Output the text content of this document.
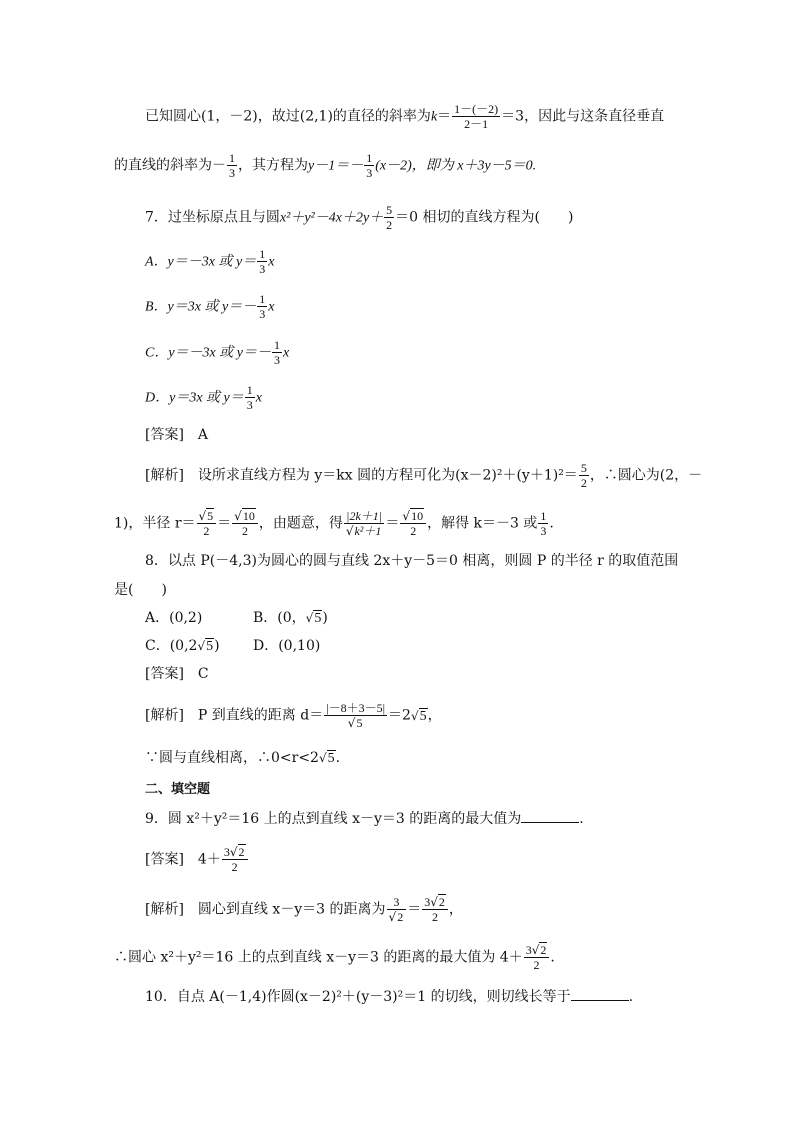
已知圆心(1，－2)，故过(2,1)的直径的斜率为$k= \frac{1-(-2)}{2-1} =3$，因此与这条直径垂直
的直线的斜率为－ $\frac{1}{3}$ ，其方程为$y-1=- \frac{1}{3} (x-2)$，即为 x＋3y－5＝0.
7．过坐标原点且与圆$x^2+y^2-4x+2y+ \frac{5}{2} =0$ 相切的直线方程为(　　)
A．y＝－3x 或 $y= \frac{1}{3}$ x
B．y＝3x 或 $y=- \frac{1}{3}$ x
C．y＝－3x 或 $y=- \frac{1}{3}$ x
D．y＝3x 或 $y= \frac{1}{3}$ x
[答案]　A
[解析]　设所求直线方程为 y＝kx 圆的方程可化为$(x-2)^2+(y+1)^2= \frac{5}{2}$ ，∴圆心为(2，－
1)，半径 $r= \frac{√5}{2} = \frac{√10}{2}$ ，由题意，得 $\frac{|2k+1|}{\text{√k²＋1}} = \frac{√10}{2}$ ，解得 k＝－3 或 $\frac{1}{3}$ .
8．以点 P(－4,3)为圆心的圆与直线 2x＋y－5＝0 相离，则圆 P 的半径 r 的取值范围
是(　　)
A．(0,2)	B．(0，√5)
C．(0,2√5) D．(0,10)
[答案]　C
[解析]　P 到直线的距离 $d= \frac{|-8+3-5|}{√5} =2√5$，
∵圆与直线相离，∴0<r<2√5.
二、填空题
9．圆 x²＋y²＝16 上的点到直线 x－y＝3 的距离的最大值为	.
[答案]　$4+ \frac{3√2}{2}$
[解析]　圆心到直线 x－y＝3 的距离为 $\frac{3}{√2} = \frac{3√2}{2}$ ，
∴圆心 x²＋y²＝16 上的点到直线 x－y＝3 的距离的最大值为 $4+ \frac{3√2}{2}$ .
10．自点 A(－1,4)作圆(x－2)²＋(y－3)²＝1 的切线，则切线长等于	.
